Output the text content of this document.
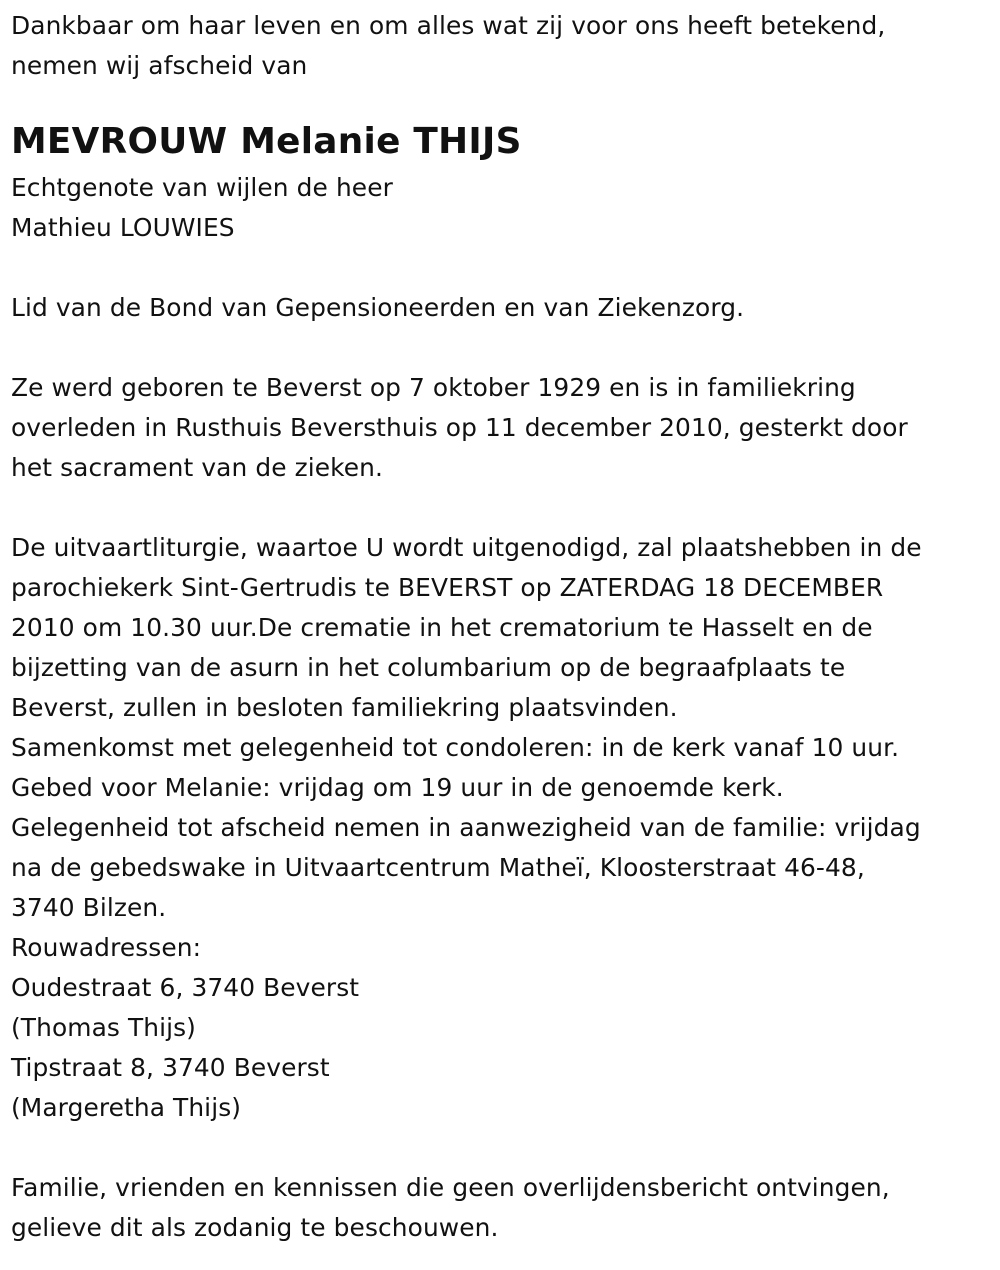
Dankbaar om haar leven en om alles wat zij voor ons heeft betekend,
nemen wij afscheid van
MEVROUW Melanie THIJS
Echtgenote van wijlen de heer
Mathieu LOUWIES
Lid van de Bond van Gepensioneerden en van Ziekenzorg.
Ze werd geboren te Beverst op 7 oktober 1929 en is in familiekring
overleden in Rusthuis Beversthuis op 11 december 2010, gesterkt door
het sacrament van de zieken.
De uitvaartliturgie, waartoe U wordt uitgenodigd, zal plaatshebben in de
parochiekerk Sint-Gertrudis te BEVERST op ZATERDAG 18 DECEMBER
2010 om 10.30 uur.De crematie in het crematorium te Hasselt en de
bijzetting van de asurn in het columbarium op de begraafplaats te
Beverst, zullen in besloten familiekring plaatsvinden.
Samenkomst met gelegenheid tot condoleren: in de kerk vanaf 10 uur.
Gebed voor Melanie: vrijdag om 19 uur in de genoemde kerk.
Gelegenheid tot afscheid nemen in aanwezigheid van de familie: vrijdag
na de gebedswake in Uitvaartcentrum Matheï, Kloosterstraat 46-48,
3740 Bilzen.
Rouwadressen:
Oudestraat 6, 3740 Beverst
(Thomas Thijs)
Tipstraat 8, 3740 Beverst
(Margeretha Thijs)
Familie, vrienden en kennissen die geen overlijdensbericht ontvingen,
gelieve dit als zodanig te beschouwen.
